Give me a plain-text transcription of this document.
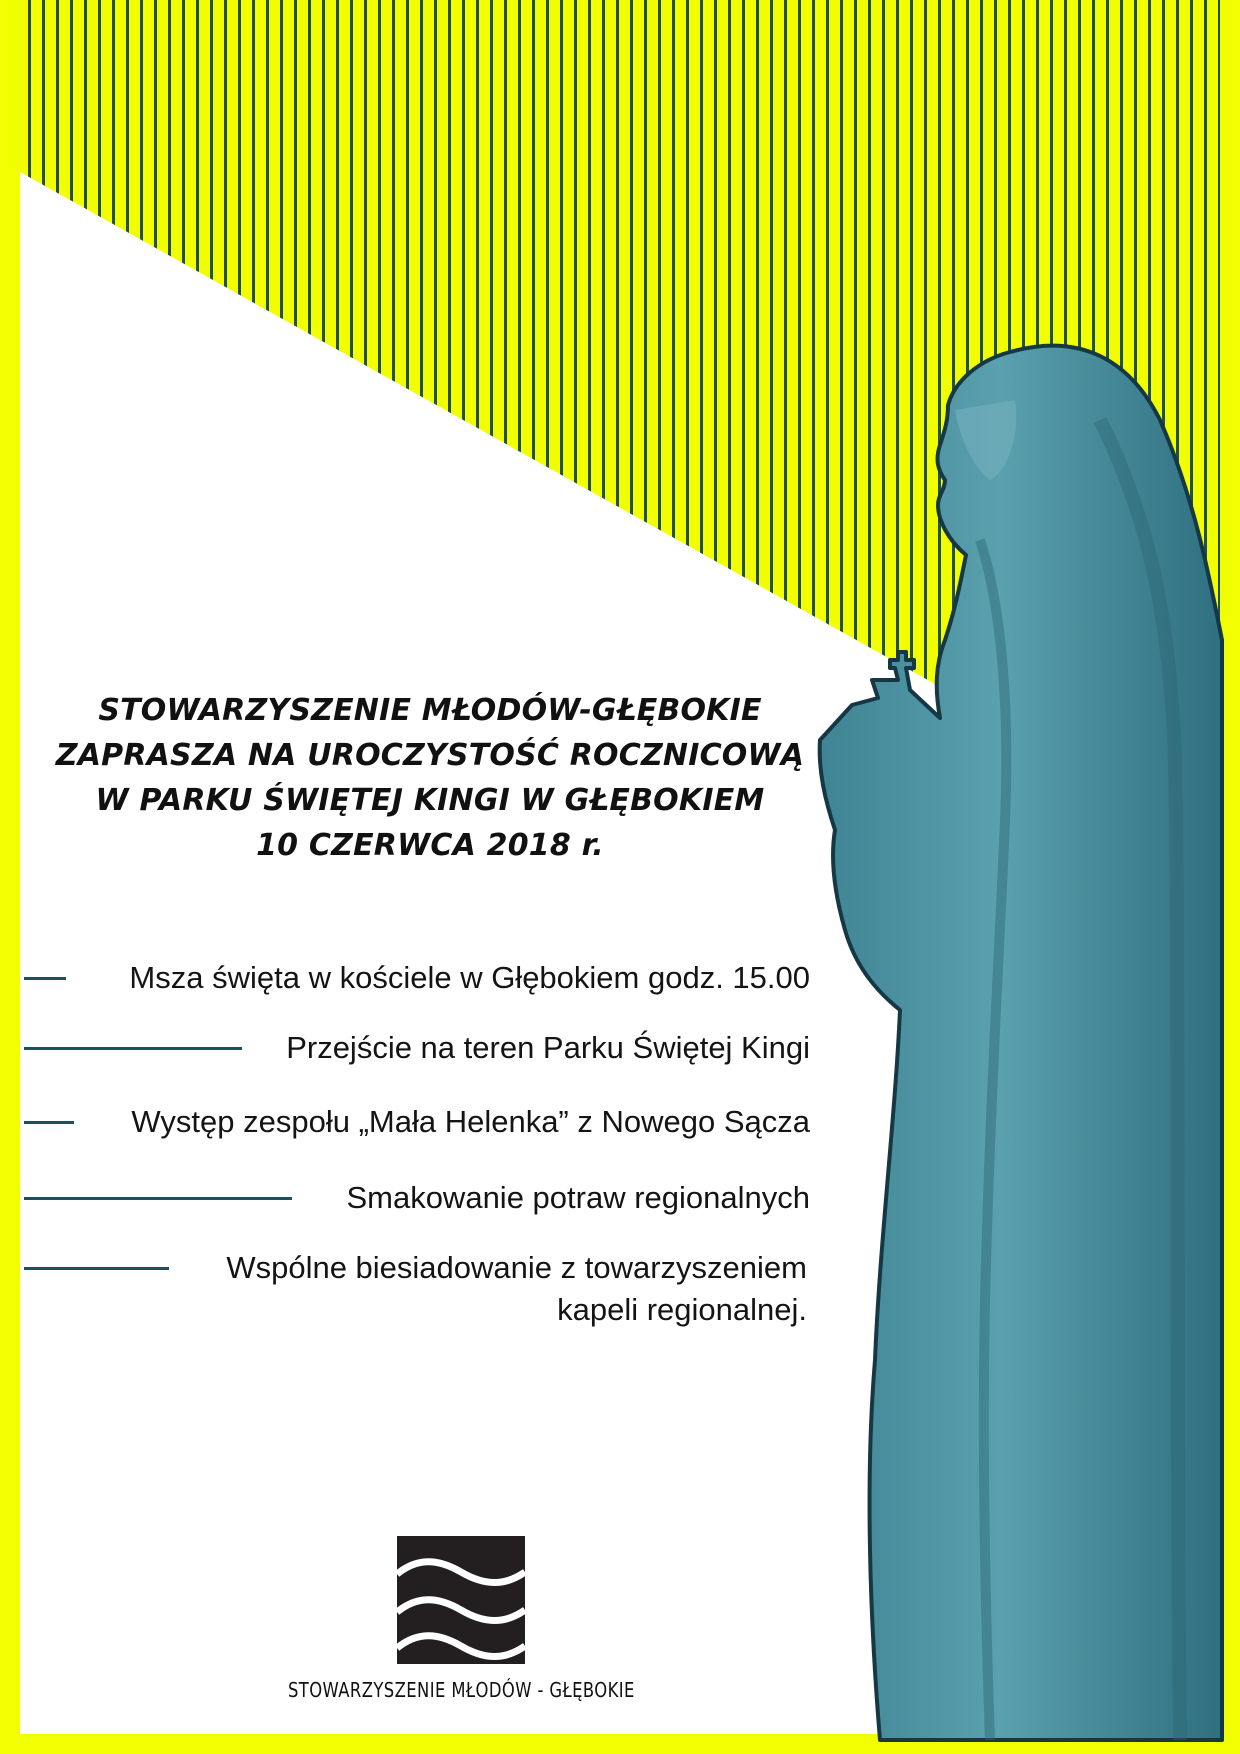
STOWARZYSZENIE MŁODÓW-GŁĘBOKIE
ZAPRASZA NA UROCZYSTOŚĆ ROCZNICOWĄ
W PARKU ŚWIĘTEJ KINGI W GŁĘBOKIEM
10 CZERWCA 2018 r.
Msza święta w kościele w Głębokiem godz. 15.00
Przejście na teren Parku Świętej Kingi
Występ zespołu „Mała Helenka” z Nowego Sącza
Smakowanie potraw regionalnych
Wspólne biesiadowanie z towarzyszeniem
kapeli regionalnej.
STOWARZYSZENIE MŁODÓW - GŁĘBOKIE
